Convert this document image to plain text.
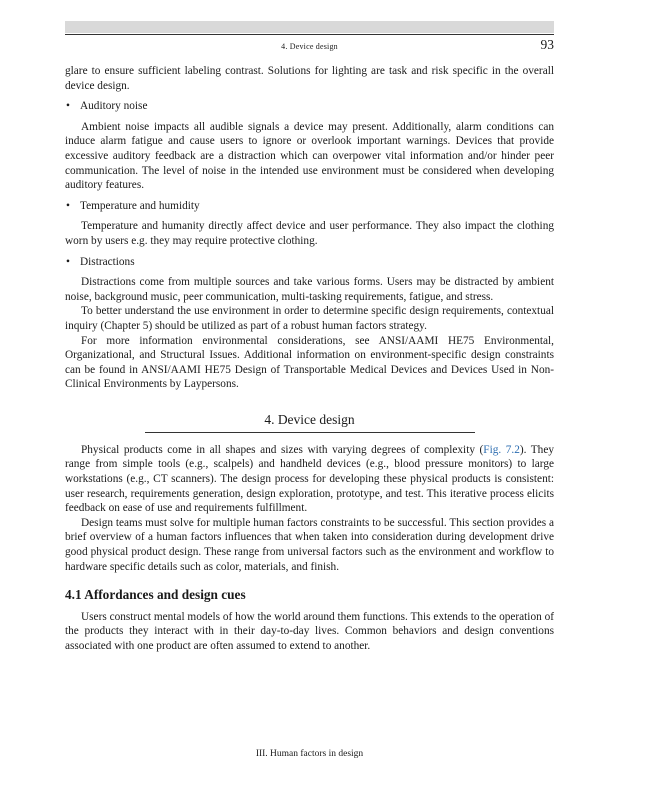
4. Device design	93

glare to ensure sufficient labeling contrast. Solutions for lighting are task and risk specific in the overall device design.

• Auditory noise

Ambient noise impacts all audible signals a device may present. Additionally, alarm conditions can induce alarm fatigue and cause users to ignore or overlook important warnings. Devices that provide excessive auditory feedback are a distraction which can overpower vital information and/or hinder peer communication. The level of noise in the intended use environment must be considered when developing auditory features.

• Temperature and humidity

Temperature and humanity directly affect device and user performance. They also impact the clothing worn by users e.g. they may require protective clothing.

• Distractions

Distractions come from multiple sources and take various forms. Users may be distracted by ambient noise, background music, peer communication, multi-tasking requirements, fatigue, and stress.

To better understand the use environment in order to determine specific design requirements, contextual inquiry (Chapter 5) should be utilized as part of a robust human factors strategy.

For more information environmental considerations, see ANSI/AAMI HE75 Environmental, Organizational, and Structural Issues. Additional information on environment-specific design constraints can be found in ANSI/AAMI HE75 Design of Transportable Medical Devices and Devices Used in Non-Clinical Environments by Laypersons.

4. Device design

Physical products come in all shapes and sizes with varying degrees of complexity (Fig. 7.2). They range from simple tools (e.g., scalpels) and handheld devices (e.g., blood pressure monitors) to large workstations (e.g., CT scanners). The design process for developing these physical products is consistent: user research, requirements generation, design exploration, prototype, and test. This iterative process elicits feedback on ease of use and requirements fulfillment.

Design teams must solve for multiple human factors constraints to be successful. This section provides a brief overview of a human factors influences that when taken into consideration during development drive good physical product design. These range from universal factors such as the environment and workflow to hardware specific details such as color, materials, and finish.

4.1 Affordances and design cues

Users construct mental models of how the world around them functions. This extends to the operation of the products they interact with in their day-to-day lives. Common behaviors and design conventions associated with one product are often assumed to extend to another.

III. Human factors in design
